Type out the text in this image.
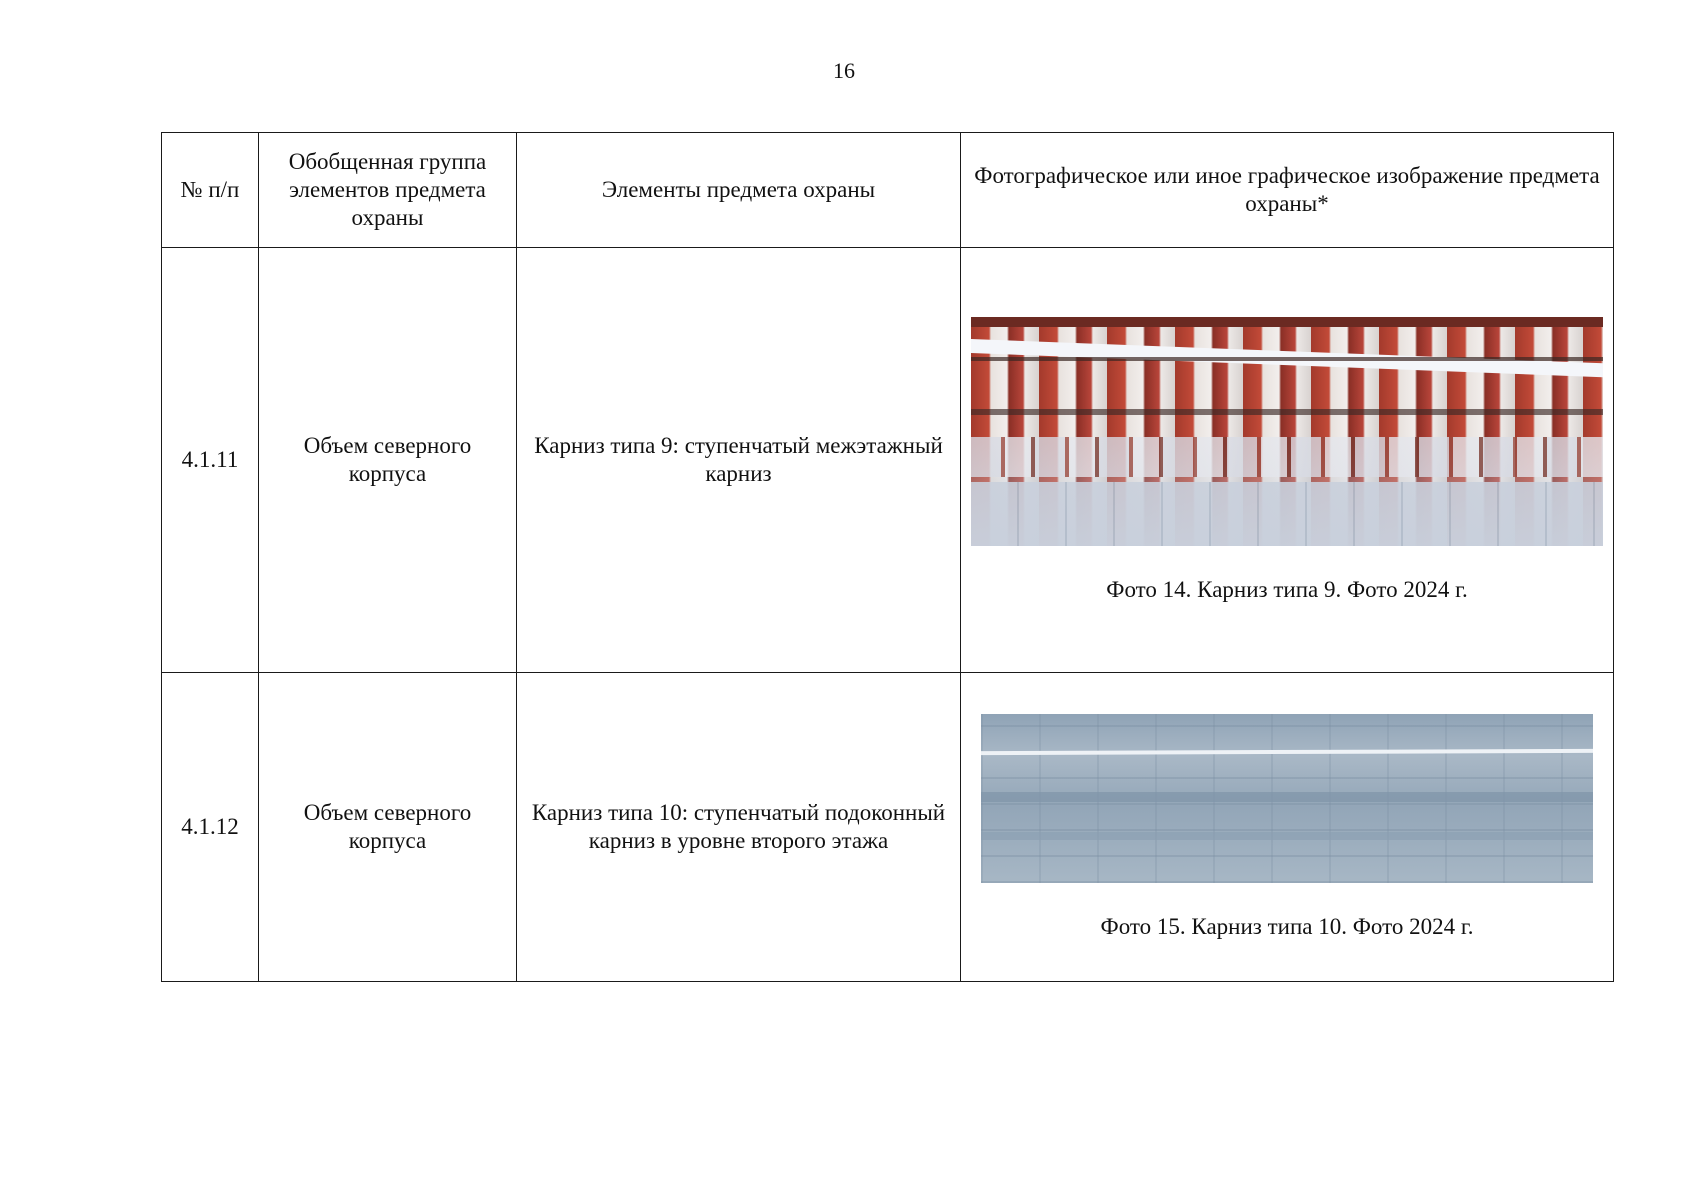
16
№ п/п	Обобщенная группа элементов предмета охраны	Элементы предмета охраны	Фотографическое или иное графическое изображение предмета охраны*
4.1.11	Объем северного корпуса	Карниз типа 9: ступенчатый межэтажный карниз	Фото 14. Карниз типа 9. Фото 2024 г.

4.1.12	Объем северного корпуса	Карниз типа 10: ступенчатый подоконный карниз в уровне второго этажа	Фото 15. Карниз типа 10. Фото 2024 г.
